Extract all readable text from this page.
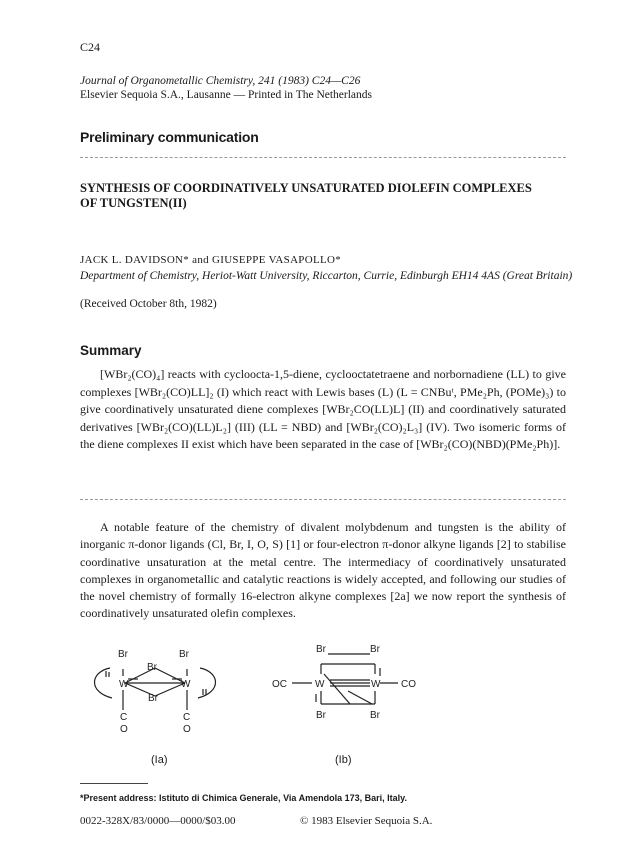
C24
Journal of Organometallic Chemistry, 241 (1983) C24—C26
Elsevier Sequoia S.A., Lausanne — Printed in The Netherlands
Preliminary communication
SYNTHESIS OF COORDINATIVELY UNSATURATED DIOLEFIN COMPLEXES OF TUNGSTEN(II)
JACK L. DAVIDSON* and GIUSEPPE VASAPOLLO*
Department of Chemistry, Heriot-Watt University, Riccarton, Currie, Edinburgh EH14 4AS (Great Britain)
(Received October 8th, 1982)
Summary
[WBr₂(CO)₄] reacts with cycloocta-1,5-diene, cyclooctatetraene and norbornadiene (LL) to give complexes [WBr₂(CO)LL]₂ (I) which react with Lewis bases (L) (L = CNBuᵗ, PMe₂Ph, (POMe)₃) to give coordinatively unsaturated diene complexes [WBr₂CO(LL)L] (II) and coordinatively saturated derivatives [WBr₂(CO)(LL)L₂] (III) (LL = NBD) and [WBr₂(CO)₂L₃] (IV). Two isomeric forms of the diene complexes II exist which have been separated in the case of [WBr₂(CO)(NBD)(PMe₂Ph)].
A notable feature of the chemistry of divalent molybdenum and tungsten is the ability of inorganic π-donor ligands (Cl, Br, I, O, S) [1] or four-electron π-donor alkyne ligands [2] to stabilise coordinative unsaturation at the metal centre. The intermediacy of coordinatively unsaturated complexes in organometallic and catalytic reactions is widely accepted, and following our studies of the novel chemistry of formally 16-electron alkyne complexes [2a] we now report the synthesis of coordinatively unsaturated olefin complexes.
Br	Br
Br
Br
W	W
C	C
O	O
Br	Br
OC	W	W CO
Br	Br
(Ia)	(Ib)
*Present address: Istituto di Chimica Generale, Via Amendola 173, Bari, Italy.
0022-328X/83/0000—0000/$03.00	© 1983 Elsevier Sequoia S.A.
